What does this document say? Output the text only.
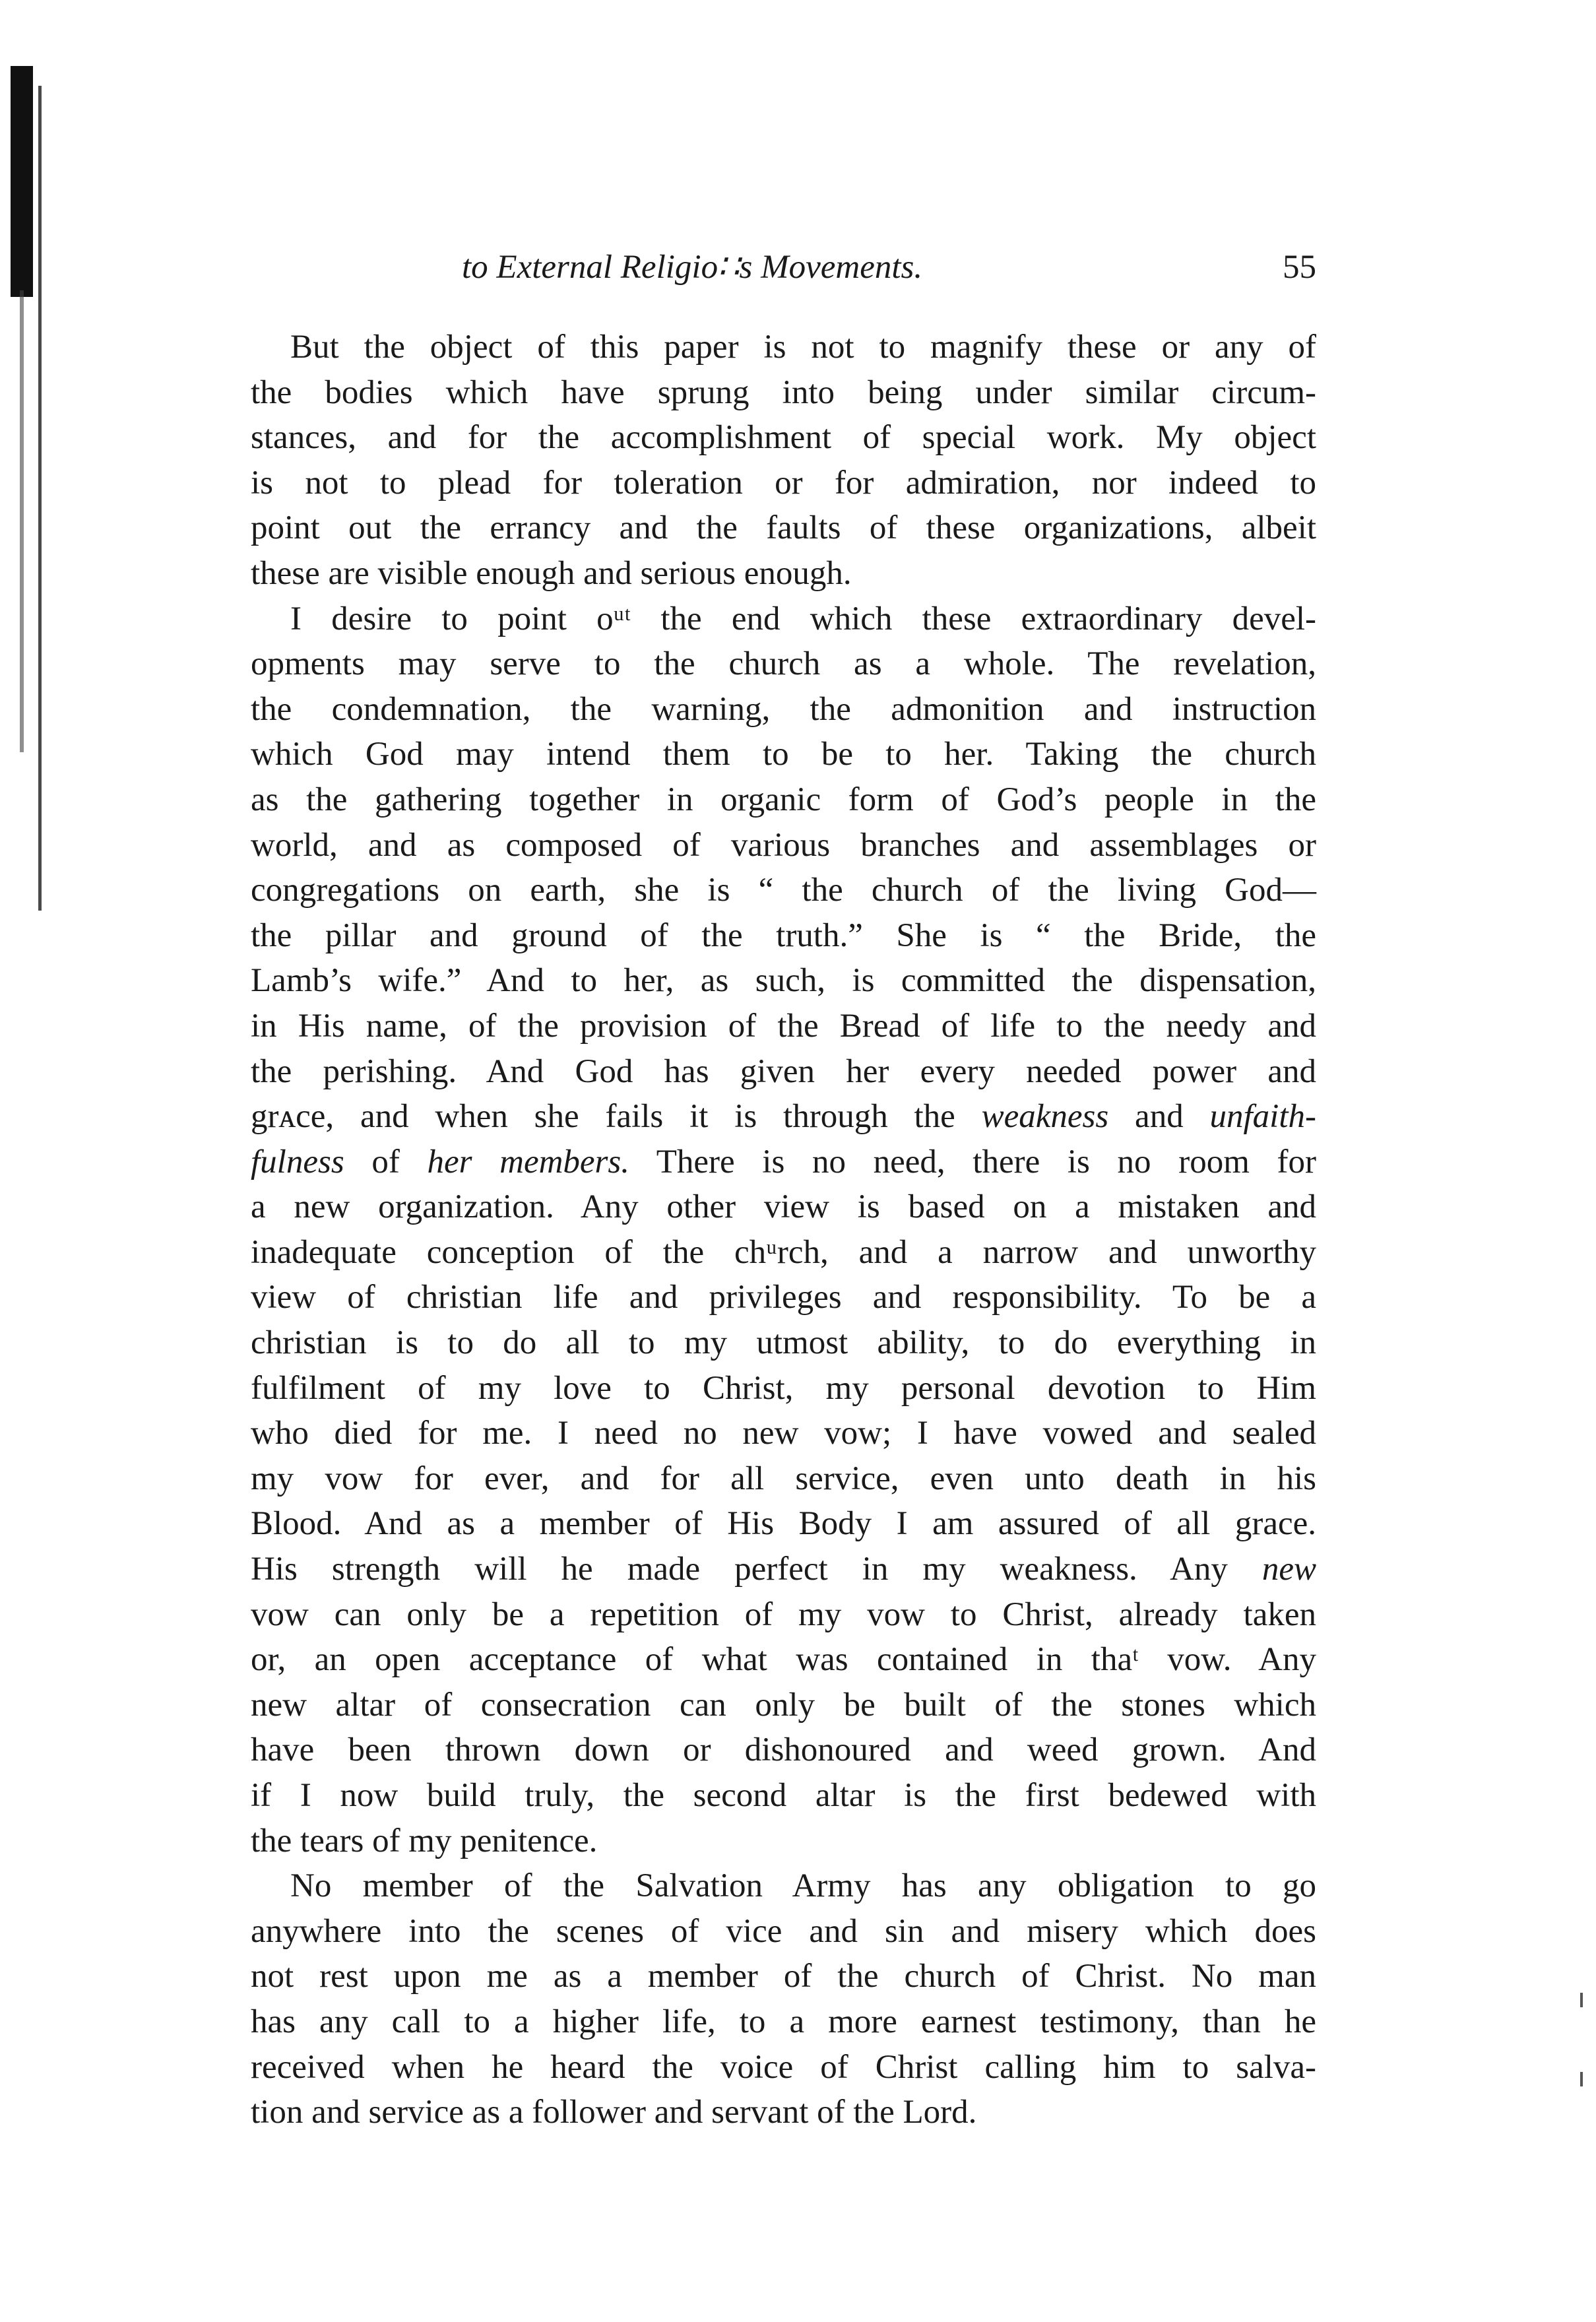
to External Religio∷s Movements.	55

But the object of this paper is not to magnify these or any of
the bodies which have sprung into being under similar circum-
stances, and for the accomplishment of special work. My object
is not to plead for toleration or for admiration, nor indeed to
point out the errancy and the faults of these organizations, albeit
these are visible enough and serious enough.

I desire to point oᵘᵗ the end which these extraordinary devel-
opments may serve to the church as a whole. The revelation,
the condemnation, the warning, the admonition and instruction
which God may intend them to be to her. Taking the church
as the gathering together in organic form of God’s people in the
world, and as composed of various branches and assemblages or
congregations on earth, she is “ the church of the living God—
the pillar and ground of the truth.” She is “ the Bride, the
Lamb’s wife.” And to her, as such, is committed the dispensation,
in His name, of the provision of the Bread of life to the needy and
the perishing. And God has given her every needed power and
grᴀce, and when she fails it is through the weakness and unfaith-
fulness of her members. There is no need, there is no room for
a new organization. Any other view is based on a mistaken and
inadequate conception of the chᵘrch, and a narrow and unworthy
view of christian life and privileges and responsibility. To be a
christian is to do all to my utmost ability, to do everything in
fulfilment of my love to Christ, my personal devotion to Him
who died for me. I need no new vow; I have vowed and sealed
my vow for ever, and for all service, even unto death in his
Blood. And as a member of His Body I am assured of all grace.
His strength will he made perfect in my weakness. Any new
vow can only be a repetition of my vow to Christ, already taken
or, an open acceptance of what was contained in thaᵗ vow. Any
new altar of consecration can only be built of the stones which
have been thrown down or dishonoured and weed grown. And
if I now build truly, the second altar is the first bedewed with
the tears of my penitence.

No member of the Salvation Army has any obligation to go
anywhere into the scenes of vice and sin and misery which does
not rest upon me as a member of the church of Christ. No man
has any call to a higher life, to a more earnest testimony, than he
received when he heard the voice of Christ calling him to salva-
tion and service as a follower and servant of the Lord.
